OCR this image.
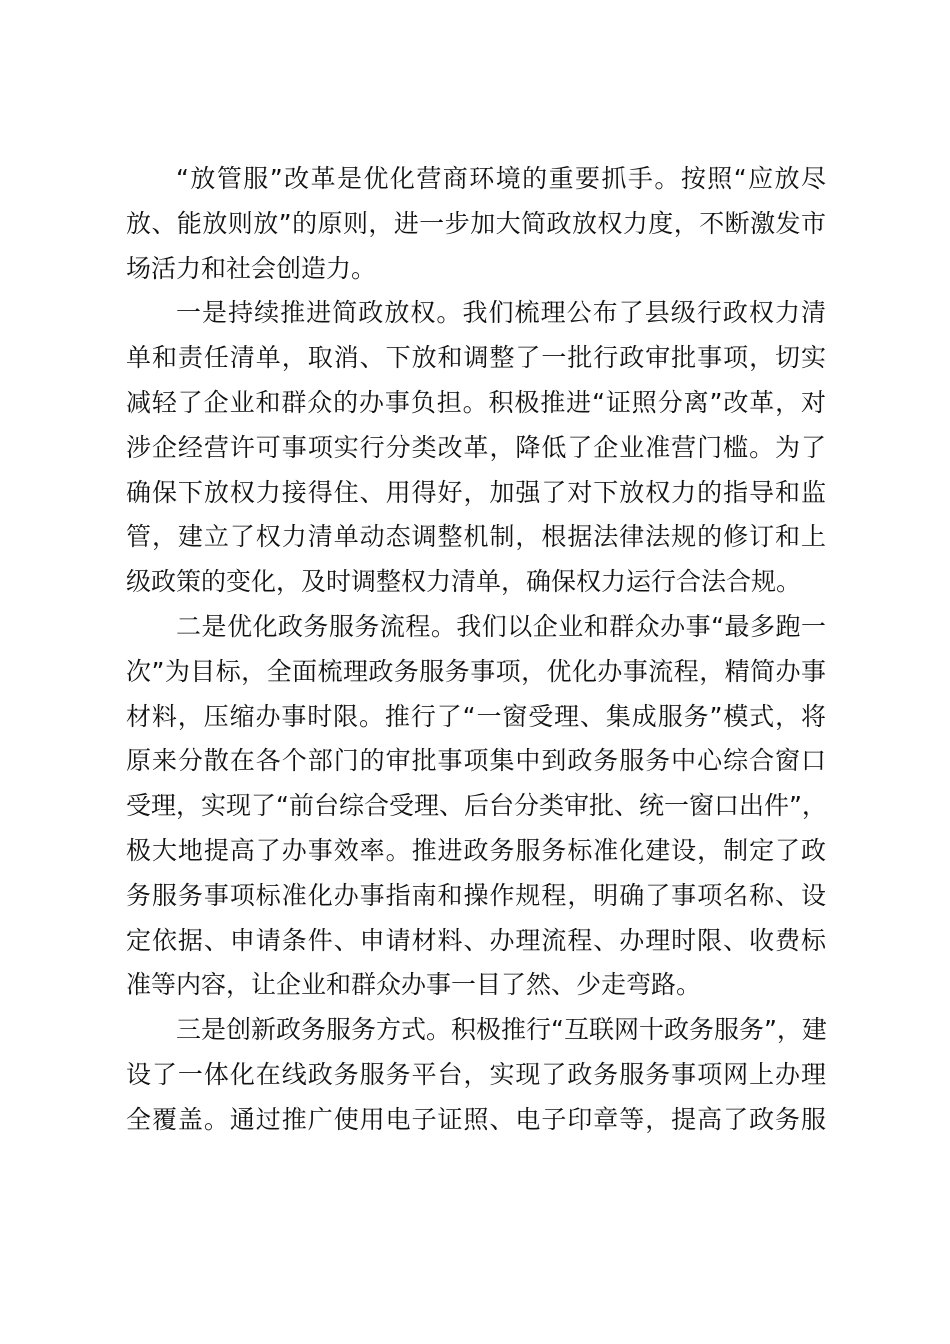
“放管服”改革是优化营商环境的重要抓手。按照“应放尽
放、能放则放”的原则，进一步加大简政放权力度，不断激发市
场活力和社会创造力。
一是持续推进简政放权。我们梳理公布了县级行政权力清
单和责任清单，取消、下放和调整了一批行政审批事项，切实
减轻了企业和群众的办事负担。积极推进“证照分离”改革，对
涉企经营许可事项实行分类改革，降低了企业准营门槛。为了
确保下放权力接得住、用得好，加强了对下放权力的指导和监
管，建立了权力清单动态调整机制，根据法律法规的修订和上
级政策的变化，及时调整权力清单，确保权力运行合法合规。
二是优化政务服务流程。我们以企业和群众办事“最多跑一
次”为目标，全面梳理政务服务事项，优化办事流程，精简办事
材料，压缩办事时限。推行了“一窗受理、集成服务”模式，将
原来分散在各个部门的审批事项集中到政务服务中心综合窗口
受理，实现了“前台综合受理、后台分类审批、统一窗口出件”，
极大地提高了办事效率。推进政务服务标准化建设，制定了政
务服务事项标准化办事指南和操作规程，明确了事项名称、设
定依据、申请条件、申请材料、办理流程、办理时限、收费标
准等内容，让企业和群众办事一目了然、少走弯路。
三是创新政务服务方式。积极推行“互联网十政务服务”，建
设了一体化在线政务服务平台，实现了政务服务事项网上办理
全覆盖。通过推广使用电子证照、电子印章等，提高了政务服
